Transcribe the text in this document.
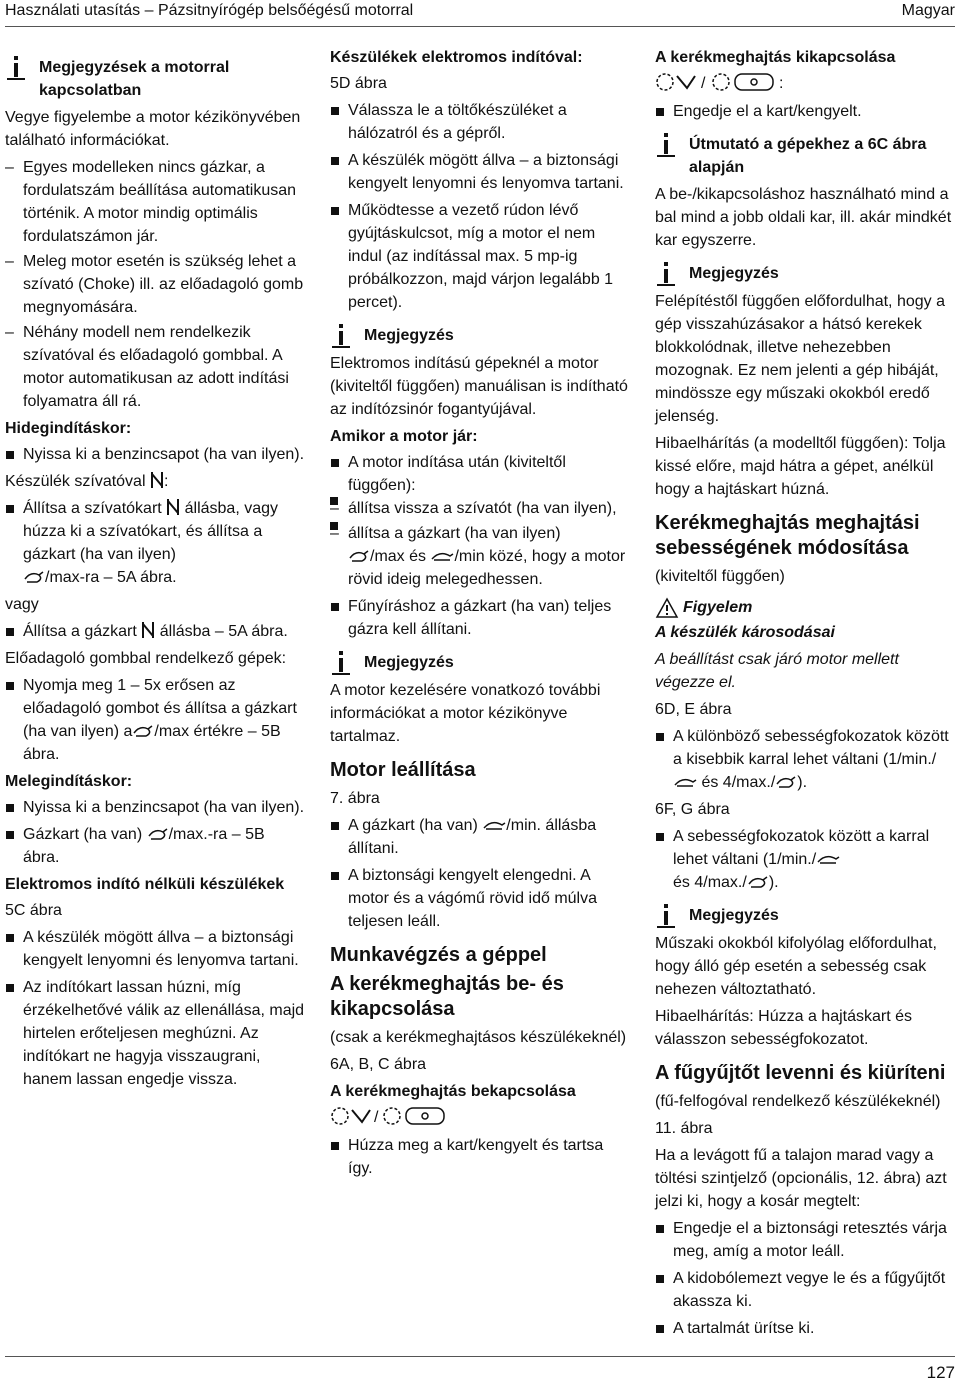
Használati utasítás – Pázsitnyírógép belsőégésű motorral	Magyar
Megjegyzések a motorral kapcsolatban

Vegye figyelembe a motor kézikönyvében található információkat.

– Egyes modelleken nincs gázkar, a fordulatszám beállítása automatikusan történik. A motor mindig optimális fordulatszámon jár.
– Meleg motor esetén is szükség lehet a szívató (Choke) ill. az előadagoló gomb megnyomására.
– Néhány modell nem rendelkezik szívatóval és előadagoló gombbal. A motor automatikusan az adott indítási folyamatra áll rá.

Hidegindításkor:

Nyissa ki a benzincsapot (ha van ilyen).

Készülék szívatóval :

Állítsa a szívatókart állásba, vagy húzza ki a szívatókart, és állítsa a gázkart (ha van ilyen)
/max-ra – 5A ábra.

vagy

Állítsa a gázkart állásba – 5A ábra.

Előadagoló gombbal rendelkező gépek:

Nyomja meg 1 – 5x erősen az előadagoló gombot és állítsa a gázkart (ha van ilyen) a /max értékre – 5B ábra.

Melegindításkor:

Nyissa ki a benzincsapot (ha van ilyen).
Gázkart (ha van) /max.-ra – 5B ábra.

Elektromos indító nélküli készülékek

5C ábra

A készülék mögött állva – a biztonsági kengyelt lenyomni és lenyomva tartani.
Az indítókart lassan húzni, míg érzékelhetővé válik az ellenállása, majd hirtelen erőteljesen meghúzni. Az indítókart ne hagyja visszaugrani, hanem lassan engedje vissza.

Készülékek elektromos indítóval:

5D ábra

Válassza le a töltőkészüléket a hálózatról és a gépről.
A készülék mögött állva – a biztonsági kengyelt lenyomni és lenyomva tartani.
Működtesse a vezető rúdon lévő gyújtáskulcsot, míg a motor el nem indul (az indítással max. 5 mp-ig próbálkozzon, majd várjon legalább 1 percet).
Megjegyzés

Elektromos indítású gépeknél a motor (kiviteltől függően) manuálisan is indítható az indítózsinór fogantyújával.

Amikor a motor jár:

A motor indítása után (kiviteltől függően):
– állítsa vissza a szívatót (ha van ilyen),
– állítsa a gázkart (ha van ilyen)
/max és /min közé, hogy a motor rövid ideig melegedhessen.
Fűnyíráshoz a gázkart (ha van) teljes gázra kell állítani.
Megjegyzés

A motor kezelésére vonatkozó további információkat a motor kézikönyve tartalmaz.

Motor leállítása

7. ábra

A gázkart (ha van) /min. állásba állítani.
A biztonsági kengyelt elengedni. A motor és a vágómű rövid idő múlva teljesen leáll.

Munkavégzés a géppel

A kerékmeghajtás be- és kikapcsolása

(csak a kerékmeghajtásos készülékeknél)

6A, B, C ábra

A kerékmeghajtás bekapcsolása

/

Húzza meg a kart/kengyelt és tartsa így.

A kerékmeghajtás kikapcsolása

/	:

Engedje el a kart/kengyelt.
Útmutató a gépekhez a 6C ábra alapján

A be-/kikapcsoláshoz használható mind a bal mind a jobb oldali kar, ill. akár mindkét kar egyszerre.

Megjegyzés

Felépítéstől függően előfordulhat, hogy a gép visszahúzásakor a hátsó kerekek blokkolódnak, illetve nehezebben mozognak. Ez nem jelenti a gép hibáját, mindössze egy műszaki okokból eredő jelenség.

Hibaelhárítás (a modelltől függően): Tolja kissé előre, majd hátra a gépet, anélkül hogy a hajtáskart húzná.

Kerékmeghajtás meghajtási sebességének módosítása

(kiviteltől függően)

Figyelem

A készülék károsodásai

A beállítást csak járó motor mellett végezze el.

6D, E ábra

A különböző sebességfokozatok között a kisebbik karral lehet váltani (1/min./ és 4/max./ ).

6F, G ábra

A sebességfokozatok között a karral lehet váltani (1/min./
és 4/max./ ).
Megjegyzés

Műszaki okokból kifolyólag előfordulhat, hogy álló gép esetén a sebesség csak nehezen változtatható.

Hibaelhárítás: Húzza a hajtáskart és válasszon sebességfokozatot.

A fűgyűjtőt levenni és kiüríteni

(fű-felfogóval rendelkező készülékeknél)

11. ábra

Ha a levágott fű a talajon marad vagy a töltési szintjelző (opcionális, 12. ábra) azt jelzi ki, hogy a kosár megtelt:

Engedje el a biztonsági retesztés várja meg, amíg a motor leáll.
A kidobólemezt vegye le és a fűgyűjtőt akassza ki.
A tartalmát ürítse ki.
127
